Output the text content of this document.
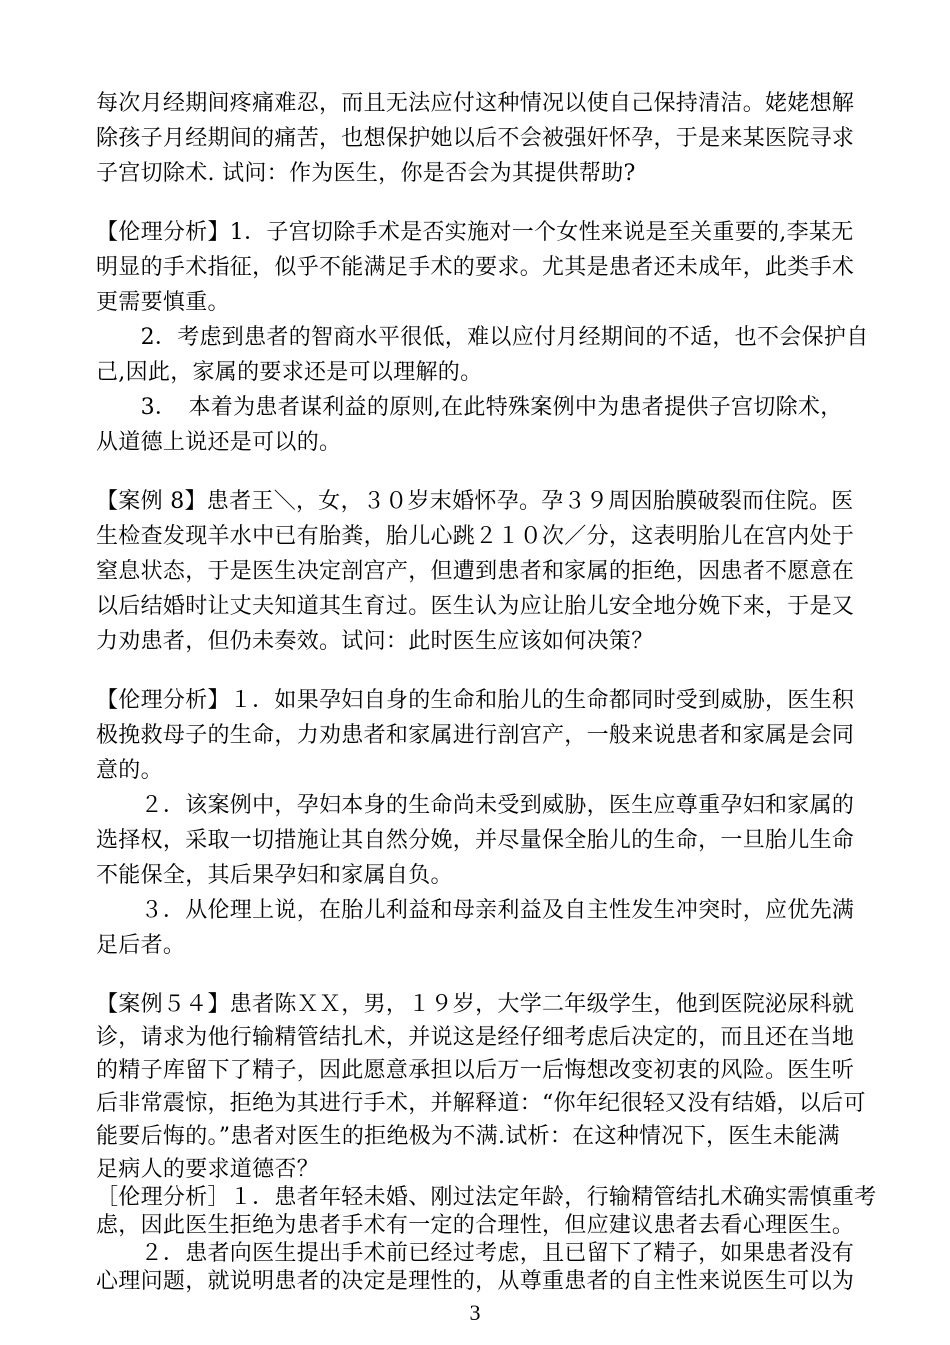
每次月经期间疼痛难忍，而且无法应付这种情况以使自己保持清洁。姥姥想解
除孩子月经期间的痛苦，也想保护她以后不会被强奸怀孕，于是来某医院寻求
子宫切除术. 试问：作为医生，你是否会为其提供帮助?
【伦理分析】1．子宫切除手术是否实施对一个女性来说是至关重要的,李某无
明显的手术指征，似乎不能满足手术的要求。尤其是患者还未成年，此类手术
更需要慎重。
　　2．考虑到患者的智商水平很低，难以应付月经期间的不适，也不会保护自
己,因此，家属的要求还是可以理解的。
　　3．　本着为患者谋利益的原则,在此特殊案例中为患者提供子宫切除术，
从道德上说还是可以的。
【案例 8】患者王＼，女，３０岁末婚怀孕。孕３９周因胎膜破裂而住院。医
生检查发现羊水中已有胎粪，胎儿心跳２１０次／分，这表明胎儿在宫内处于
窒息状态，于是医生决定剖宫产，但遭到患者和家属的拒绝，因患者不愿意在
以后结婚时让丈夫知道其生育过。医生认为应让胎儿安全地分娩下来，于是又
力劝患者，但仍未奏效。试问：此时医生应该如何决策？
【伦理分析】１．如果孕妇自身的生命和胎儿的生命都同时受到威胁，医生积
极挽救母子的生命，力劝患者和家属进行剖宫产，一般来说患者和家属是会同
意的。
　　２．该案例中，孕妇本身的生命尚未受到威胁，医生应尊重孕妇和家属的
选择权，采取一切措施让其自然分娩，并尽量保全胎儿的生命，一旦胎儿生命
不能保全，其后果孕妇和家属自负。
　　３．从伦理上说，在胎儿利益和母亲利益及自主性发生冲突时，应优先满
足后者。
【案例５４】患者陈ＸＸ，男，１９岁，大学二年级学生，他到医院泌尿科就
诊，请求为他行输精管结扎术，并说这是经仔细考虑后决定的，而且还在当地
的精子库留下了精子，因此愿意承担以后万一后悔想改变初衷的风险。医生听
后非常震惊，拒绝为其进行手术，并解释道：“你年纪很轻又没有结婚，以后可
能要后悔的。”患者对医生的拒绝极为不满.试析：在这种情况下，医生未能满
足病人的要求道德否？
［伦理分析］１．患者年轻未婚、刚过法定年龄，行输精管结扎术确实需慎重考
虑，因此医生拒绝为患者手术有一定的合理性，但应建议患者去看心理医生。
　　２．患者向医生提出手术前已经过考虑，且已留下了精子，如果患者没有
心理问题，就说明患者的决定是理性的，从尊重患者的自主性来说医生可以为
3
